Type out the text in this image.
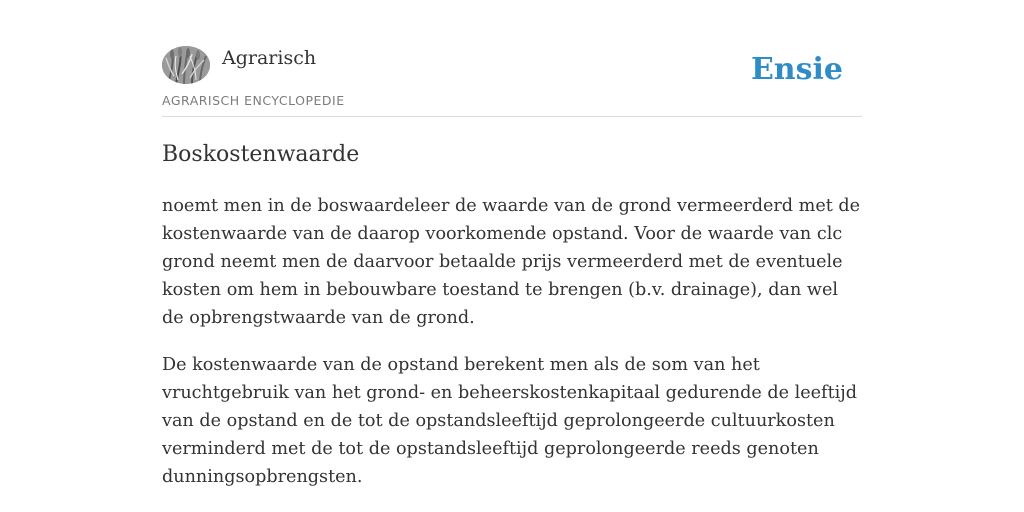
Agrarisch
AGRARISCH ENCYCLOPEDIE
Ensie
Boskostenwaarde

noemt men in de boswaardeleer de waarde van de grond vermeerderd met de kostenwaarde van de daarop voorkomende opstand. Voor de waarde van clc grond neemt men de daarvoor betaalde prijs vermeerderd met de eventuele kosten om hem in bebouwbare toestand te brengen (b.v. drainage), dan wel de opbrengstwaarde van de grond.

De kostenwaarde van de opstand berekent men als de som van het vruchtgebruik van het grond- en beheerskostenkapitaal gedurende de leeftijd van de opstand en de tot de opstandsleeftijd geprolongeerde cultuurkosten verminderd met de tot de opstandsleeftijd geprolongeerde reeds genoten dunningsopbrengsten.
